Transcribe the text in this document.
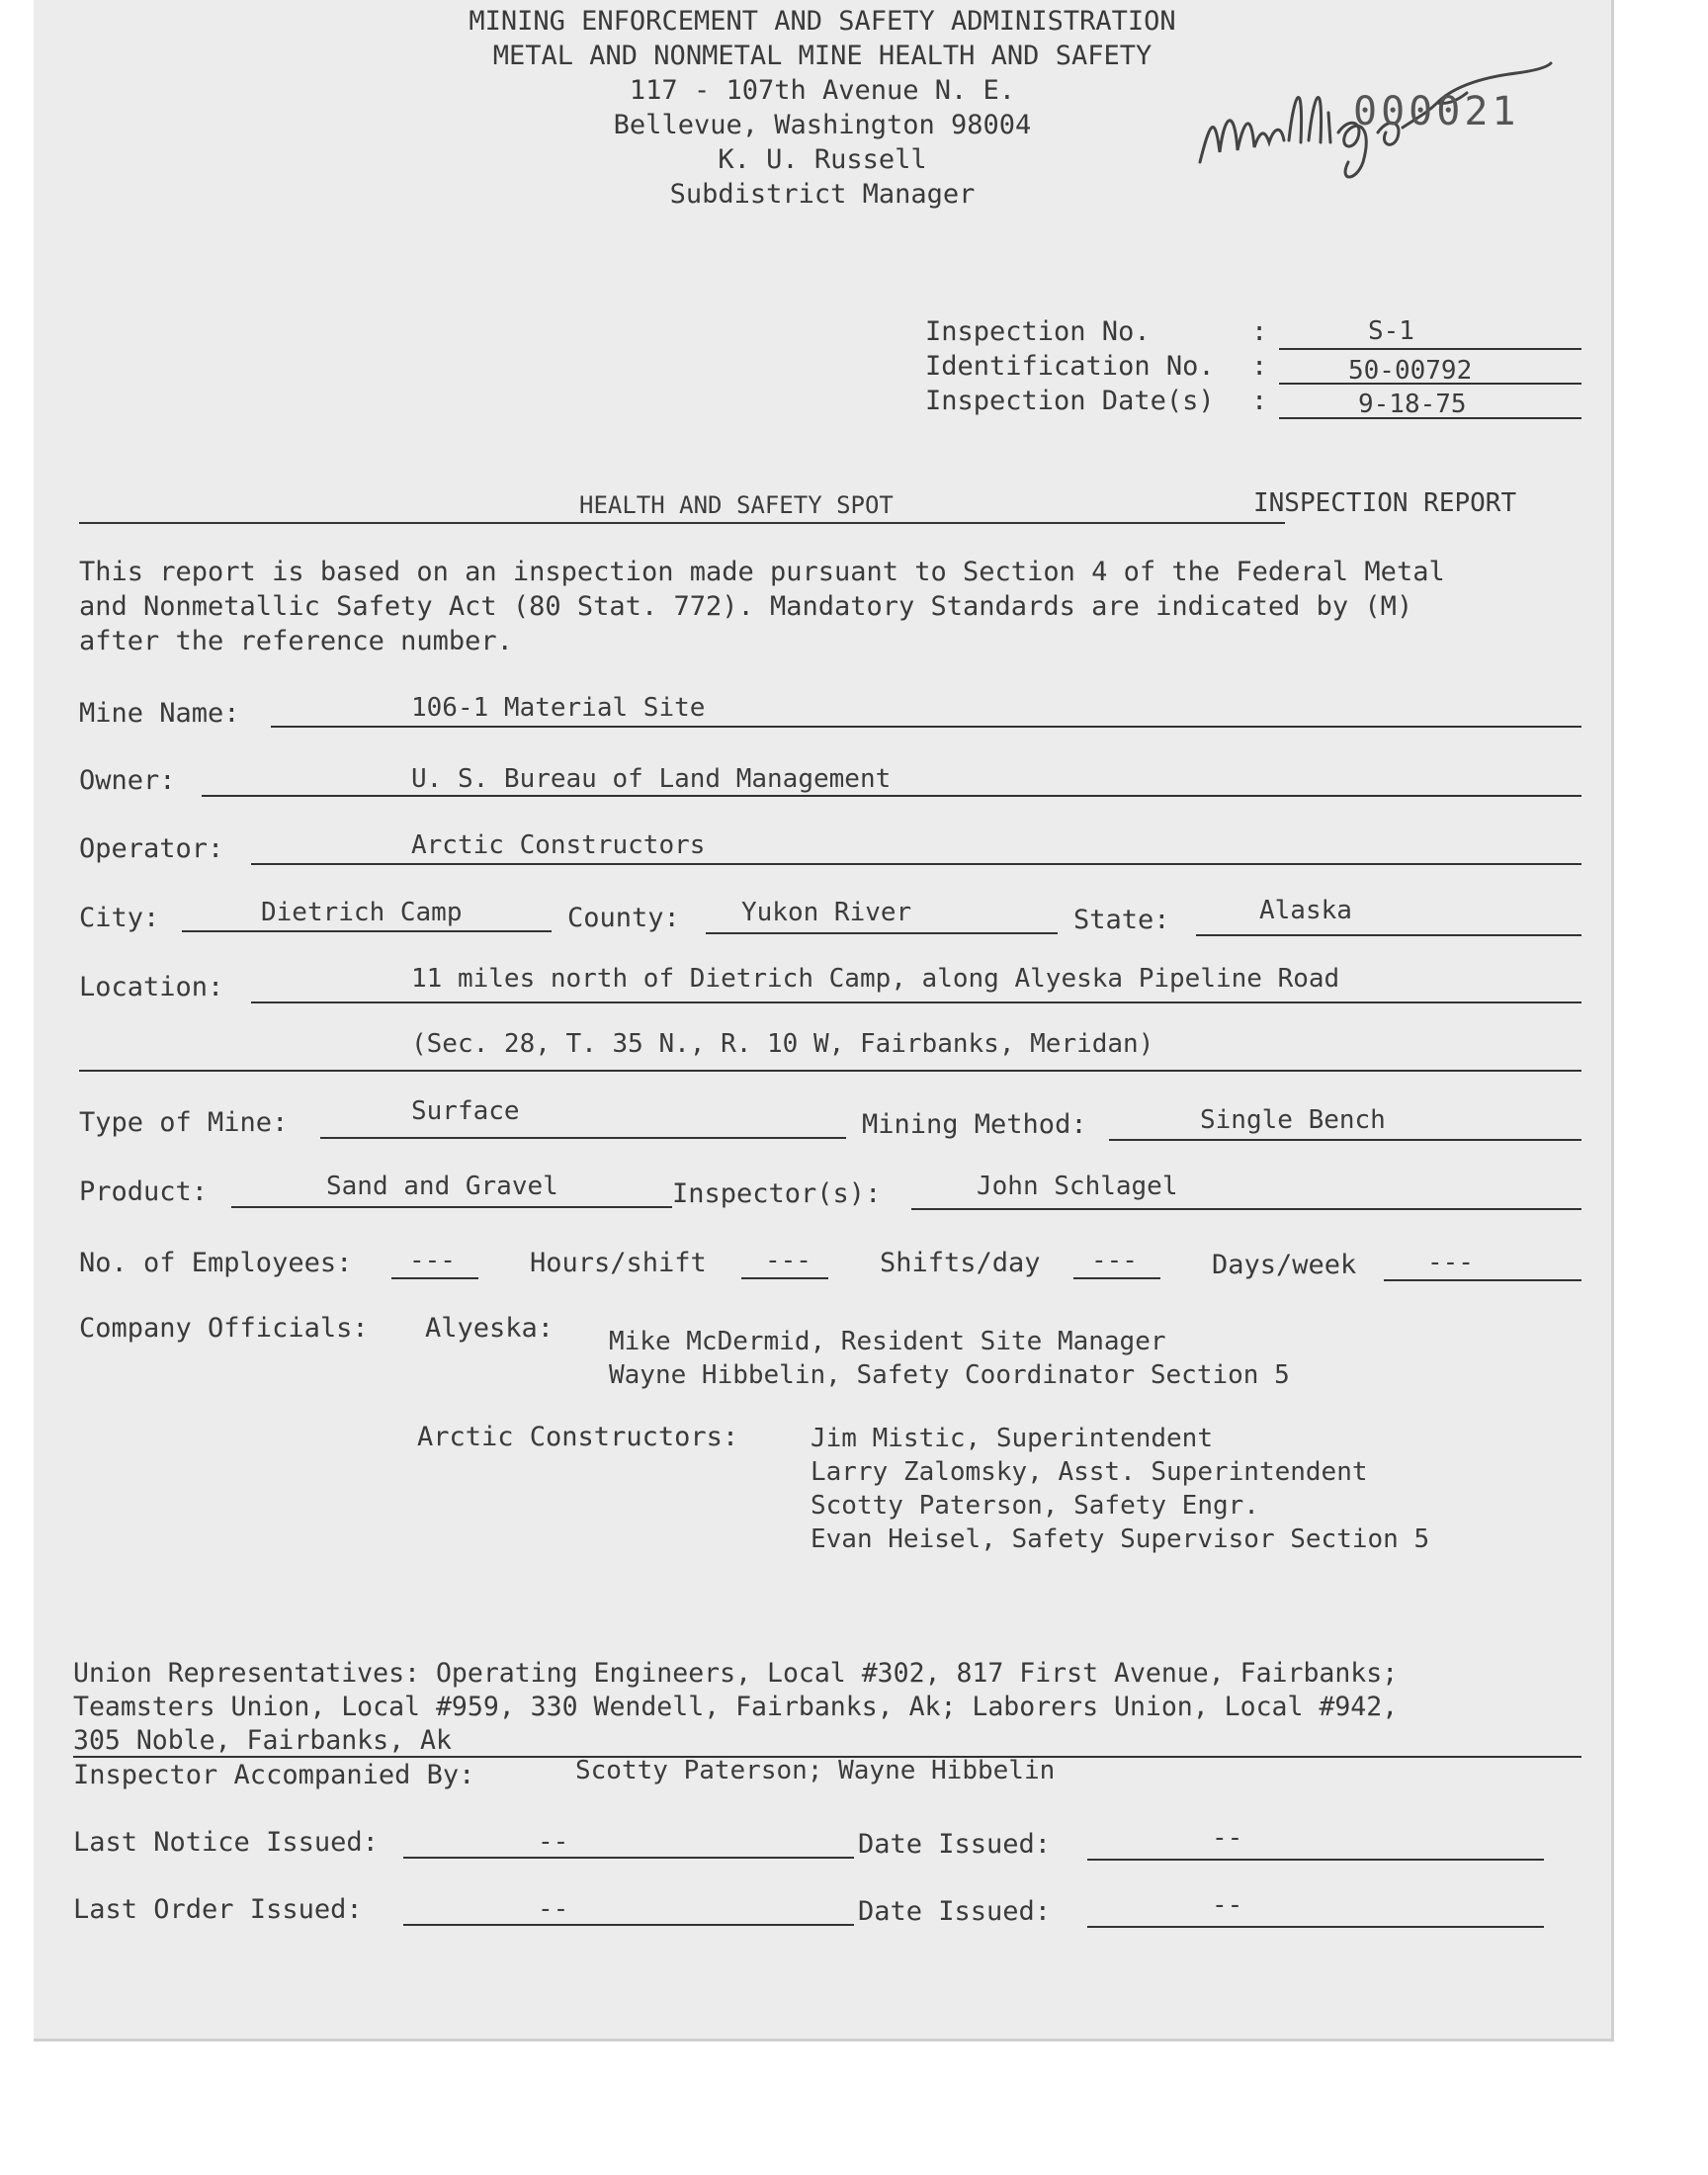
MINING ENFORCEMENT AND SAFETY ADMINISTRATION
METAL AND NONMETAL MINE HEALTH AND SAFETY
117 - 107th Avenue N. E.
Bellevue, Washington 98004
K. U. Russell
Subdistrict Manager
000021
Inspection No.	:	S-1
Identification No. :	50-00792
Inspection Date(s) :	9-18-75
HEALTH AND SAFETY SPOT	INSPECTION REPORT
This report is based on an inspection made pursuant to Section 4 of the Federal Metal
and Nonmetallic Safety Act (80 Stat. 772). Mandatory Standards are indicated by (M)
after the reference number.
Mine Name:	106-1 Material Site
Owner:	U. S. Bureau of Land Management
Operator:	Arctic Constructors
City:	Dietrich Camp	County: Yukon River	State:	Alaska
Location:	11 miles north of Dietrich Camp, along Alyeska Pipeline Road
(Sec. 28, T. 35 N., R. 10 W, Fairbanks, Meridan)
Type of Mine:	Surface	Mining Method:	Single Bench
Product:	Sand and Gravel	Inspector(s):	John Schlagel
No. of Employees: ---	Hours/shift ---	Shifts/day ---	Days/week	---
Company Officials: Alyeska: Mike McDermid, Resident Site Manager
Wayne Hibbelin, Safety Coordinator Section 5
Arctic Constructors:	Jim Mistic, Superintendent
Larry Zalomsky, Asst. Superintendent
Scotty Paterson, Safety Engr.
Evan Heisel, Safety Supervisor Section 5
Union Representatives: Operating Engineers, Local #302, 817 First Avenue, Fairbanks;
Teamsters Union, Local #959, 330 Wendell, Fairbanks, Ak; Laborers Union, Local #942,
305 Noble, Fairbanks, Ak
Inspector Accompanied By:	Scotty Paterson; Wayne Hibbelin
Last Notice Issued:	--	Date Issued:	--
Last Order Issued:	--	Date Issued:	--
